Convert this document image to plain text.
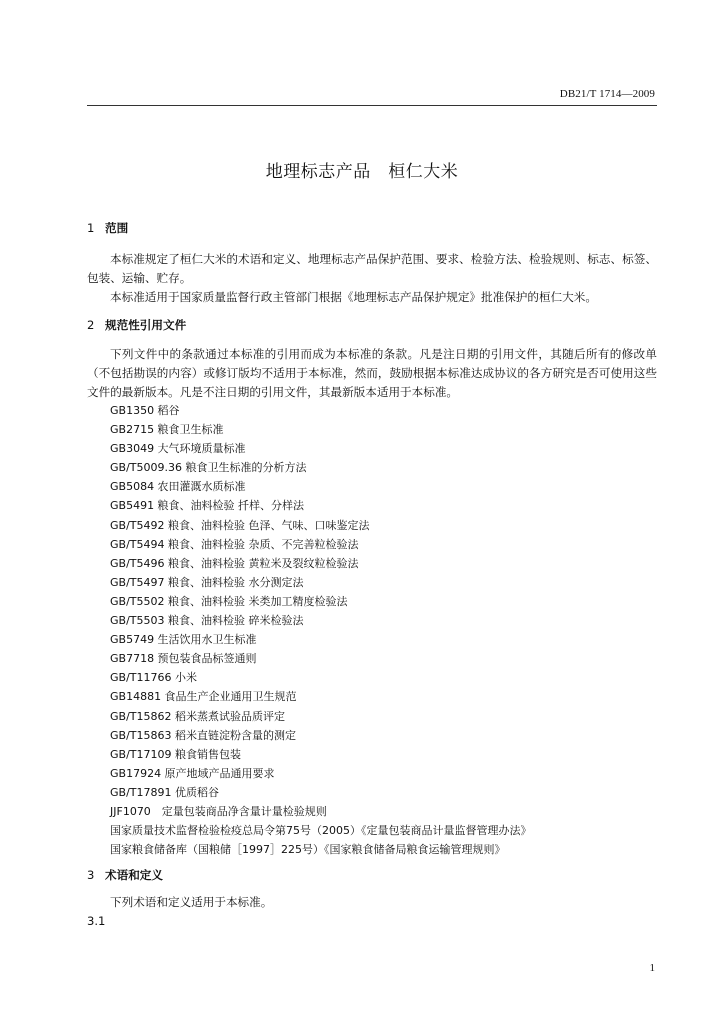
DB21/T 1714—2009
地理标志产品　桓仁大米
1 范围
本标准规定了桓仁大米的术语和定义、地理标志产品保护范围、要求、检验方法、检验规则、标志、标签、包装、运输、贮存。
本标准适用于国家质量监督行政主管部门根据《地理标志产品保护规定》批准保护的桓仁大米。
2 规范性引用文件
下列文件中的条款通过本标准的引用而成为本标准的条款。凡是注日期的引用文件，其随后所有的修改单（不包括勘误的内容）或修订版均不适用于本标准，然而，鼓励根据本标准达成协议的各方研究是否可使用这些文件的最新版本。凡是不注日期的引用文件，其最新版本适用于本标准。
GB1350 稻谷
GB2715 粮食卫生标准
GB3049 大气环境质量标准
GB/T5009.36 粮食卫生标准的分析方法
GB5084 农田灌溉水质标准
GB5491 粮食、油料检验 扦样、分样法
GB/T5492 粮食、油料检验 色泽、气味、口味鉴定法
GB/T5494 粮食、油料检验 杂质、不完善粒检验法
GB/T5496 粮食、油料检验 黄粒米及裂纹粒检验法
GB/T5497 粮食、油料检验 水分测定法
GB/T5502 粮食、油料检验 米类加工精度检验法
GB/T5503 粮食、油料检验 碎米检验法
GB5749 生活饮用水卫生标准
GB7718 预包装食品标签通则
GB/T11766 小米
GB14881 食品生产企业通用卫生规范
GB/T15862 稻米蒸煮试验品质评定
GB/T15863 稻米直链淀粉含量的测定
GB/T17109 粮食销售包装
GB17924 原产地域产品通用要求
GB/T17891 优质稻谷
JJF1070　定量包装商品净含量计量检验规则
国家质量技术监督检验检疫总局令第75号（2005）《定量包装商品计量监督管理办法》
国家粮食储备库（国粮储［1997］225号）《国家粮食储备局粮食运输管理规则》
3 术语和定义
下列术语和定义适用于本标准。
3.1
1
